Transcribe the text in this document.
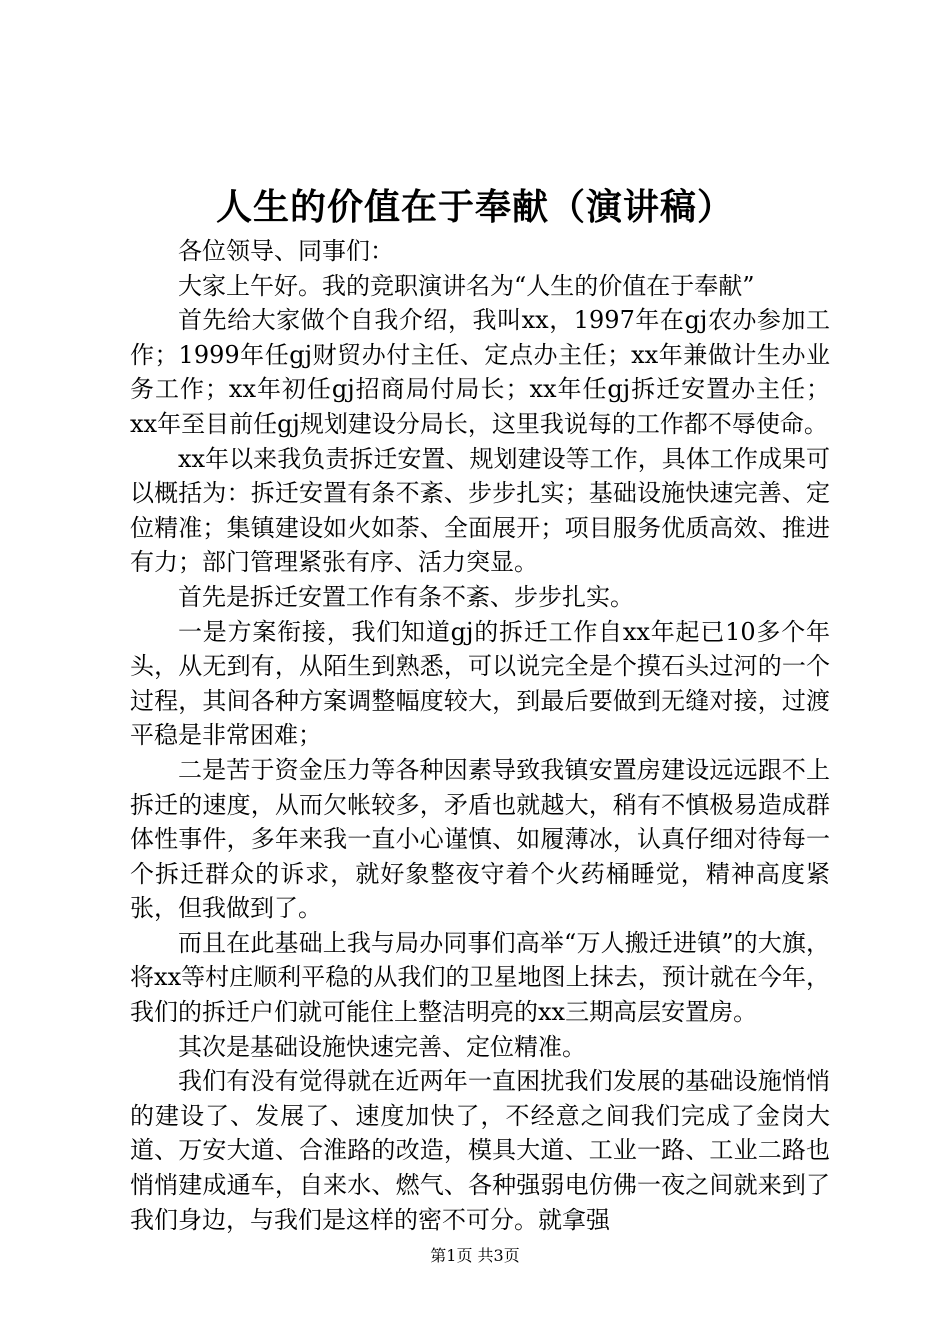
人生的价值在于奉献（演讲稿）

各位领导、同事们：

大家上午好。我的竞职演讲名为“人生的价值在于奉献”

首先给大家做个自我介绍，我叫xx，1997年在gj农办参加工作；1999年任gj财贸办付主任、定点办主任；xx年兼做计生办业务工作；xx年初任gj招商局付局长；xx年任gj拆迁安置办主任；xx年至目前任gj规划建设分局长，这里我说每的工作都不辱使命。

xx年以来我负责拆迁安置、规划建设等工作，具体工作成果可以概括为：拆迁安置有条不紊、步步扎实；基础设施快速完善、定位精准；集镇建设如火如荼、全面展开；项目服务优质高效、推进有力；部门管理紧张有序、活力突显。

首先是拆迁安置工作有条不紊、步步扎实。

一是方案衔接，我们知道gj的拆迁工作自xx年起已10多个年头，从无到有，从陌生到熟悉，可以说完全是个摸石头过河的一个过程，其间各种方案调整幅度较大，到最后要做到无缝对接，过渡平稳是非常困难；

二是苦于资金压力等各种因素导致我镇安置房建设远远跟不上拆迁的速度，从而欠帐较多，矛盾也就越大，稍有不慎极易造成群体性事件，多年来我一直小心谨慎、如履薄冰，认真仔细对待每一个拆迁群众的诉求，就好象整夜守着个火药桶睡觉，精神高度紧张，但我做到了。

而且在此基础上我与局办同事们高举“万人搬迁进镇”的大旗，将xx等村庄顺利平稳的从我们的卫星地图上抹去，预计就在今年，我们的拆迁户们就可能住上整洁明亮的xx三期高层安置房。

其次是基础设施快速完善、定位精准。

我们有没有觉得就在近两年一直困扰我们发展的基础设施悄悄的建设了、发展了、速度加快了，不经意之间我们完成了金岗大道、万安大道、合淮路的改造，模具大道、工业一路、工业二路也悄悄建成通车，自来水、燃气、各种强弱电仿佛一夜之间就来到了我们身边，与我们是这样的密不可分。就拿强

第1页 共3页
